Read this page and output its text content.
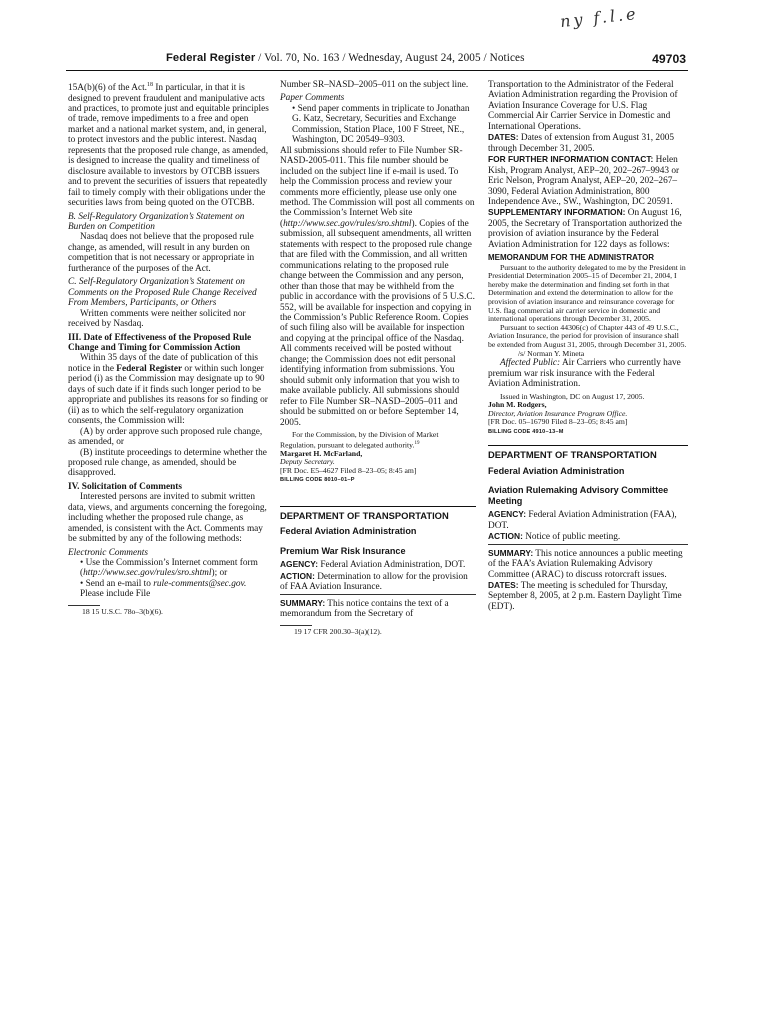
ny f.l.e
Federal Register / Vol. 70, No. 163 / Wednesday, August 24, 2005 / Notices	49703

15A(b)(6) of the Act.$^{18}$ In particular, in that it is designed to prevent fraudulent and manipulative acts and practices, to promote just and equitable principles of trade, remove impediments to a free and open market and a national market system, and, in general, to protect investors and the public interest. Nasdaq represents that the proposed rule change, as amended, is designed to increase the quality and timeliness of disclosure available to investors by OTCBB issuers and to prevent the securities of issuers that repeatedly fail to timely comply with their obligations under the securities laws from being quoted on the OTCBB.

B. Self-Regulatory Organization’s Statement on Burden on Competition

Nasdaq does not believe that the proposed rule change, as amended, will result in any burden on competition that is not necessary or appropriate in furtherance of the purposes of the Act.

C. Self-Regulatory Organization’s Statement on Comments on the Proposed Rule Change Received From Members, Participants, or Others

Written comments were neither solicited nor received by Nasdaq.

III. Date of Effectiveness of the Proposed Rule Change and Timing for Commission Action

Within 35 days of the date of publication of this notice in the Federal Register or within such longer period (i) as the Commission may designate up to 90 days of such date if it finds such longer period to be appropriate and publishes its reasons for so finding or (ii) as to which the self-regulatory organization consents, the Commission will:

(A) by order approve such proposed rule change, as amended, or

(B) institute proceedings to determine whether the proposed rule change, as amended, should be disapproved.

IV. Solicitation of Comments

Interested persons are invited to submit written data, views, and arguments concerning the foregoing, including whether the proposed rule change, as amended, is consistent with the Act. Comments may be submitted by any of the following methods:

Electronic Comments

• Use the Commission’s Internet comment form (http://www.sec.gov/rules/sro.shtml); or

• Send an e-mail to rule-comments@sec.gov. Please include File

18 15 U.S.C. 78o–3(b)(6).

Number SR–NASD–2005–011 on the subject line.

Paper Comments

• Send paper comments in triplicate to Jonathan G. Katz, Secretary, Securities and Exchange Commission, Station Place, 100 F Street, NE., Washington, DC 20549–9303.

All submissions should refer to File Number SR-NASD-2005-011. This file number should be included on the subject line if e-mail is used. To help the Commission process and review your comments more efficiently, please use only one method. The Commission will post all comments on the Commission’s Internet Web site (http://www.sec.gov/rules/sro.shtml). Copies of the submission, all subsequent amendments, all written statements with respect to the proposed rule change that are filed with the Commission, and all written communications relating to the proposed rule change between the Commission and any person, other than those that may be withheld from the public in accordance with the provisions of 5 U.S.C. 552, will be available for inspection and copying in the Commission’s Public Reference Room. Copies of such filing also will be available for inspection and copying at the principal office of the Nasdaq. All comments received will be posted without change; the Commission does not edit personal identifying information from submissions. You should submit only information that you wish to make available publicly. All submissions should refer to File Number SR–NASD–2005–011 and should be submitted on or before September 14, 2005.

For the Commission, by the Division of Market Regulation, pursuant to delegated authority.$^{19}$

Margaret H. McFarland,

Deputy Secretary.

[FR Doc. E5–4627 Filed 8–23–05; 8:45 am]

BILLING CODE 8010–01–P

DEPARTMENT OF TRANSPORTATION

Federal Aviation Administration

Premium War Risk Insurance

AGENCY: Federal Aviation Administration, DOT.

ACTION: Determination to allow for the provision of FAA Aviation Insurance.

SUMMARY: This notice contains the text of a memorandum from the Secretary of

19 17 CFR 200.30–3(a)(12).

Transportation to the Administrator of the Federal Aviation Administration regarding the Provision of Aviation Insurance Coverage for U.S. Flag Commercial Air Carrier Service in Domestic and International Operations.

DATES: Dates of extension from August 31, 2005 through December 31, 2005.

FOR FURTHER INFORMATION CONTACT: Helen Kish, Program Analyst, AEP–20, 202–267–9943 or Eric Nelson, Program Analyst, AEP–20, 202–267–3090, Federal Aviation Administration, 800 Independence Ave., SW., Washington, DC 20591.

SUPPLEMENTARY INFORMATION: On August 16, 2005, the Secretary of Transportation authorized the provision of aviation insurance by the Federal Aviation Administration for 122 days as follows:

MEMORANDUM FOR THE ADMINISTRATOR

Pursuant to the authority delegated to me by the President in Presidential Determination 2005–15 of December 21, 2004, I hereby make the determination and finding set forth in that Determination and extend the determination to allow for the provision of aviation insurance and reinsurance coverage for U.S. flag commercial air carrier service in domestic and international operations through December 31, 2005.

Pursuant to section 44306(c) of Chapter 443 of 49 U.S.C., Aviation Insurance, the period for provision of insurance shall be extended from August 31, 2005, through December 31, 2005.

/s/ Norman Y. Mineta

Affected Public: Air Carriers who currently have premium war risk insurance with the Federal Aviation Administration.

Issued in Washington, DC on August 17, 2005.

John M. Rodgers,

Director, Aviation Insurance Program Office.

[FR Doc. 05–16790 Filed 8–23–05; 8:45 am]

BILLING CODE 4910–13–M

DEPARTMENT OF TRANSPORTATION

Federal Aviation Administration

Aviation Rulemaking Advisory Committee Meeting

AGENCY: Federal Aviation Administration (FAA), DOT.

ACTION: Notice of public meeting.

SUMMARY: This notice announces a public meeting of the FAA’s Aviation Rulemaking Advisory Committee (ARAC) to discuss rotorcraft issues.

DATES: The meeting is scheduled for Thursday, September 8, 2005, at 2 p.m. Eastern Daylight Time (EDT).
